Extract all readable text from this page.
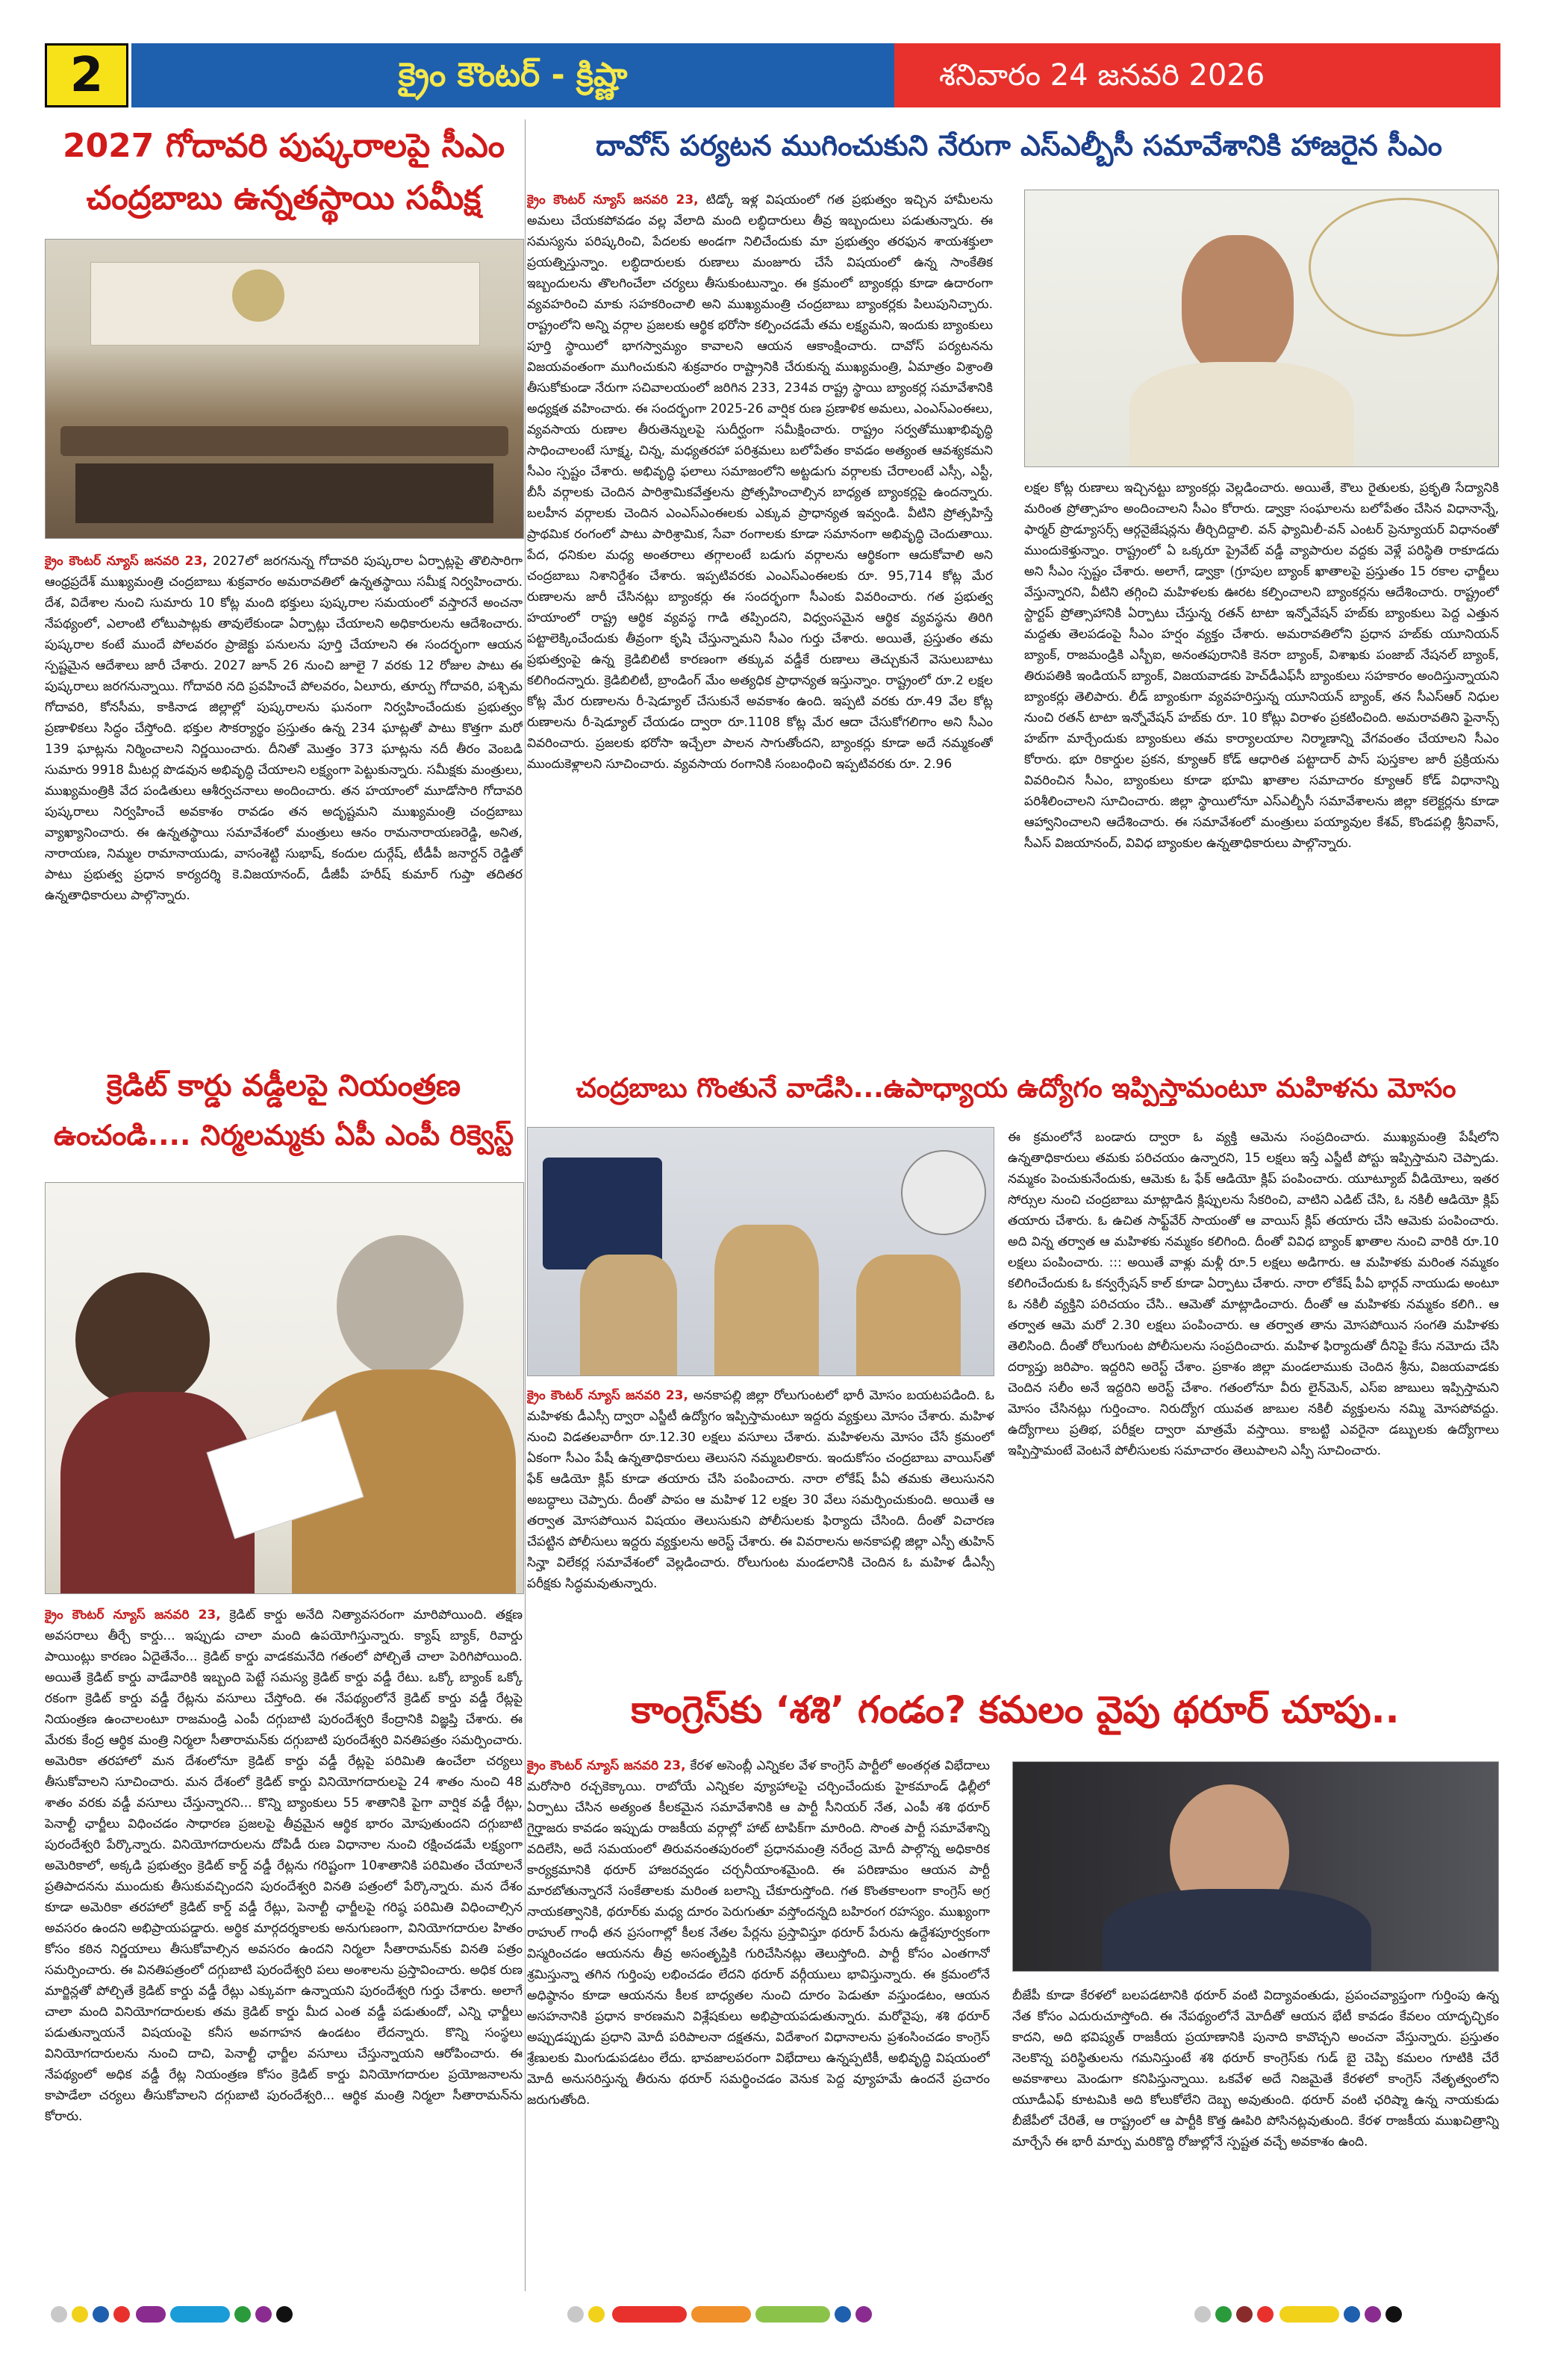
2	క్రైం కౌంటర్ - క్రిష్ణా	శనివారం 24 జనవరి 2026
2027 గోదావరి పుష్కరాలపై సీఎం
చంద్రబాబు ఉన్నతస్థాయి సమీక్ష
క్రైం కౌంటర్ న్యూస్ జనవరి 23, 2027లో జరగనున్న గోదావరి పుష్కరాల ఏర్పాట్లపై తొలిసారిగా ఆంధ్రప్రదేశ్ ముఖ్యమంత్రి చంద్రబాబు శుక్రవారం అమరావతిలో ఉన్నతస్థాయి సమీక్ష నిర్వహించారు. దేశ, విదేశాల నుంచి సుమారు 10 కోట్ల మంది భక్తులు పుష్కరాల సమయంలో వస్తారనే అంచనా నేపథ్యంలో, ఎలాంటి లోటుపాట్లకు తావులేకుండా ఏర్పాట్లు చేయాలని అధికారులను ఆదేశించారు. పుష్కరాల కంటే ముందే పోలవరం ప్రాజెక్టు పనులను పూర్తి చేయాలని ఈ సందర్భంగా ఆయన స్పష్టమైన ఆదేశాలు జారీ చేశారు. 2027 జూన్ 26 నుంచి జూలై 7 వరకు 12 రోజుల పాటు ఈ పుష్కరాలు జరగనున్నాయి. గోదావరి నది ప్రవహించే పోలవరం, ఏలూరు, తూర్పు గోదావరి, పశ్చిమ గోదావరి, కోనసీమ, కాకినాడ జిల్లాల్లో పుష్కరాలను ఘనంగా నిర్వహించేందుకు ప్రభుత్వం ప్రణాళికలు సిద్ధం చేస్తోంది. భక్తుల సౌకర్యార్థం ప్రస్తుతం ఉన్న 234 ఘాట్లతో పాటు కొత్తగా మరో 139 ఘాట్లను నిర్మించాలని నిర్ణయించారు. దీనితో మొత్తం 373 ఘాట్లను నదీ తీరం వెంబడి సుమారు 9918 మీటర్ల పొడవున అభివృద్ధి చేయాలని లక్ష్యంగా పెట్టుకున్నారు. సమీక్షకు మంత్రులు, ముఖ్యమంత్రికి వేద పండితులు ఆశీర్వచనాలు అందించారు. తన హయాంలో మూడోసారి గోదావరి పుష్కరాలు నిర్వహించే అవకాశం రావడం తన అదృష్టమని ముఖ్యమంత్రి చంద్రబాబు వ్యాఖ్యానించారు. ఈ ఉన్నతస్థాయి సమావేశంలో మంత్రులు ఆనం రామనారాయణరెడ్డి, అనిత, నారాయణ, నిమ్మల రామానాయుడు, వాసంశెట్టి సుభాష్, కందుల దుర్గేష్, టీడీపీ జనార్దన్ రెడ్డితో పాటు ప్రభుత్వ ప్రధాన కార్యదర్శి కె.విజయానంద్, డీజీపీ హరీష్ కుమార్ గుప్తా తదితర ఉన్నతాధికారులు పాల్గొన్నారు.
దావోస్ పర్యటన ముగించుకుని నేరుగా ఎస్ఎల్బీసీ సమావేశానికి హాజరైన సీఎం
క్రైం కౌంటర్ న్యూస్ జనవరి 23, టిడ్కో ఇళ్ల విషయంలో గత ప్రభుత్వం ఇచ్చిన హామీలను అమలు చేయకపోవడం వల్ల వేలాది మంది లబ్ధిదారులు తీవ్ర ఇబ్బందులు పడుతున్నారు. ఈ సమస్యను పరిష్కరించి, పేదలకు అండగా నిలిచేందుకు మా ప్రభుత్వం తరఫున శాయశక్తులా ప్రయత్నిస్తున్నాం. లబ్ధిదారులకు రుణాలు మంజూరు చేసే విషయంలో ఉన్న సాంకేతిక ఇబ్బందులను తొలగించేలా చర్యలు తీసుకుంటున్నాం. ఈ క్రమంలో బ్యాంకర్లు కూడా ఉదారంగా వ్యవహరించి మాకు సహకరించాలి అని ముఖ్యమంత్రి చంద్రబాబు బ్యాంకర్లకు పిలుపునిచ్చారు. రాష్ట్రంలోని అన్ని వర్గాల ప్రజలకు ఆర్థిక భరోసా కల్పించడమే తమ లక్ష్యమని, ఇందుకు బ్యాంకులు పూర్తి స్థాయిలో భాగస్వామ్యం కావాలని ఆయన ఆకాంక్షించారు. దావోస్ పర్యటనను విజయవంతంగా ముగించుకుని శుక్రవారం రాష్ట్రానికి చేరుకున్న ముఖ్యమంత్రి, ఏమాత్రం విశ్రాంతి తీసుకోకుండా నేరుగా సచివాలయంలో జరిగిన 233, 234వ రాష్ట్ర స్థాయి బ్యాంకర్ల సమావేశానికి అధ్యక్షత వహించారు. ఈ సందర్భంగా 2025-26 వార్షిక రుణ ప్రణాళిక అమలు, ఎంఎస్ఎంఈలు, వ్యవసాయ రుణాల తీరుతెన్నులపై సుదీర్ఘంగా సమీక్షించారు. రాష్ట్రం సర్వతోముఖాభివృద్ధి సాధించాలంటే సూక్ష్మ, చిన్న, మధ్యతరహా పరిశ్రమలు బలోపేతం కావడం అత్యంత ఆవశ్యకమని సీఎం స్పష్టం చేశారు. అభివృద్ధి ఫలాలు సమాజంలోని అట్టడుగు వర్గాలకు చేరాలంటే ఎస్సీ, ఎస్టీ, బీసీ వర్గాలకు చెందిన పారిశ్రామికవేత్తలను ప్రోత్సహించాల్సిన బాధ్యత బ్యాంకర్లపై ఉందన్నారు. బలహీన వర్గాలకు చెందిన ఎంఎస్ఎంఈలకు ఎక్కువ ప్రాధాన్యత ఇవ్వండి. వీటిని ప్రోత్సహిస్తే ప్రాథమిక రంగంలో పాటు పారిశ్రామిక, సేవా రంగాలకు కూడా సమానంగా అభివృద్ధి చెందుతాయి. పేద, ధనికుల మధ్య అంతరాలు తగ్గాలంటే బడుగు వర్గాలను ఆర్థికంగా ఆదుకోవాలి అని చంద్రబాబు నిశానిర్దేశం చేశారు. ఇప్పటివరకు ఎంఎస్ఎంఈలకు రూ. 95,714 కోట్ల మేర రుణాలను జారీ చేసినట్లు బ్యాంకర్లు ఈ సందర్భంగా సీఎంకు వివరించారు. గత ప్రభుత్వ హయాంలో రాష్ట్ర ఆర్థిక వ్యవస్థ గాడి తప్పిందని, విధ్వంసమైన ఆర్థిక వ్యవస్థను తిరిగి పట్టాలెక్కించేందుకు తీవ్రంగా కృషి చేస్తున్నామని సీఎం గుర్తు చేశారు. అయితే, ప్రస్తుతం తమ ప్రభుత్వంపై ఉన్న క్రెడిబిలిటీ కారణంగా తక్కువ వడ్డీకే రుణాలు తెచ్చుకునే వెసులుబాటు కలిగిందన్నారు. క్రెడిబిలిటీ, బ్రాండింగ్ మేం అత్యధిక ప్రాధాన్యత ఇస్తున్నాం. రాష్ట్రంలో రూ.2 లక్షల కోట్ల మేర రుణాలను రీ-షెడ్యూల్ చేసుకునే అవకాశం ఉంది. ఇప్పటి వరకు రూ.49 వేల కోట్ల రుణాలను రీ-షెడ్యూల్ చేయడం ద్వారా రూ.1108 కోట్ల మేర ఆదా చేసుకోగలిగాం అని సీఎం వివరించారు. ప్రజలకు భరోసా ఇచ్చేలా పాలన సాగుతోందని, బ్యాంకర్లు కూడా అదే నమ్మకంతో ముందుకెళ్లాలని సూచించారు. వ్యవసాయ రంగానికి సంబంధించి ఇప్పటివరకు రూ. 2.96
లక్షల కోట్ల రుణాలు ఇచ్చినట్టు బ్యాంకర్లు వెల్లడించారు. అయితే, కౌలు రైతులకు, ప్రకృతి సేద్యానికి మరింత ప్రోత్సాహం అందించాలని సీఎం కోరారు. డ్వాక్రా సంఘాలను బలోపేతం చేసిన విధానాన్నే, ఫార్మర్ ప్రొడ్యూసర్స్ ఆర్గనైజేషన్లను తీర్చిదిద్దాలి. వన్ ఫ్యామిలీ-వన్ ఎంటర్ ప్రెన్యూయర్ విధానంతో ముందుకెళ్తున్నాం. రాష్ట్రంలో ఏ ఒక్కరూ ప్రైవేట్ వడ్డీ వ్యాపారుల వద్దకు వెళ్లే పరిస్థితి రాకూడదు అని సీఎం స్పష్టం చేశారు. అలాగే, డ్వాక్రా (గ్రూపుల బ్యాంక్ ఖాతాలపై ప్రస్తుతం 15 రకాల ఛార్జీలు వేస్తున్నారని, వీటిని తగ్గించి మహిళలకు ఊరట కల్పించాలని బ్యాంకర్లను ఆదేశించారు. రాష్ట్రంలో స్టార్టప్ ప్రోత్సాహానికి ఏర్పాటు చేస్తున్న రతన్ టాటా ఇన్నోవేషన్ హబ్‌కు బ్యాంకులు పెద్ద ఎత్తున మద్దతు తెలపడంపై సీఎం హర్షం వ్యక్తం చేశారు. అమరావతిలోని ప్రధాన హబ్‌కు యూనియన్ బ్యాంక్, రాజమండ్రికి ఎస్బీఐ, అనంతపురానికి కెనరా బ్యాంక్, విశాఖకు పంజాబ్ నేషనల్ బ్యాంక్, తిరుపతికి ఇండియన్ బ్యాంక్, విజయవాడకు హెచ్‌డీఎఫ్‌సీ బ్యాంకులు సహకారం అందిస్తున్నాయని బ్యాంకర్లు తెలిపారు. లీడ్ బ్యాంకుగా వ్యవహరిస్తున్న యూనియన్ బ్యాంక్, తన సీఎస్ఆర్ నిధుల నుంచి రతన్ టాటా ఇన్నోవేషన్ హబ్‌కు రూ. 10 కోట్లు విరాళం ప్రకటించింది. అమరావతిని ఫైనాన్స్ హబ్‌గా మార్చేందుకు బ్యాంకులు తమ కార్యాలయాల నిర్మాణాన్ని వేగవంతం చేయాలని సీఎం కోరారు. భూ రికార్డుల ప్రకన, క్యూఆర్ కోడ్ ఆధారిత పట్టాదార్ పాస్ పుస్తకాల జారీ ప్రక్రియను వివరించిన సీఎం, బ్యాంకులు కూడా భూమి ఖాతాల సమాచారం క్యూఆర్ కోడ్ విధానాన్ని పరిశీలించాలని సూచించారు. జిల్లా స్థాయిలోనూ ఎస్ఎల్బీసీ సమావేశాలను జిల్లా కలెక్టర్లను కూడా ఆహ్వానించాలని ఆదేశించారు. ఈ సమావేశంలో మంత్రులు పయ్యావుల కేశవ్, కొండపల్లి శ్రీనివాస్, సీఎస్ విజయానంద్, వివిధ బ్యాంకుల ఉన్నతాధికారులు పాల్గొన్నారు.
క్రెడిట్ కార్డు వడ్డీలపై నియంత్రణ
ఉంచండి.... నిర్మలమ్మకు ఏపీ ఎంపీ రిక్వెస్ట్
క్రైం కౌంటర్ న్యూస్ జనవరి 23, క్రెడిట్ కార్డు అనేది నిత్యావసరంగా మారిపోయింది. తక్షణ అవసరాలు తీర్చే కార్డు... ఇప్పుడు చాలా మంది ఉపయోగిస్తున్నారు. క్యాష్ బ్యాక్, రివార్డు పాయింట్లు కారణం ఏదైతేనేం... క్రెడిట్ కార్డు వాడకమనేది గతంలో పోల్చితే చాలా పెరిగిపోయింది. అయితే క్రెడిట్ కార్డు వాడేవారికి ఇబ్బంది పెట్టే సమస్య క్రెడిట్ కార్డు వడ్డీ రేటు. ఒక్కో బ్యాంక్ ఒక్కో రకంగా క్రెడిట్ కార్డు వడ్డీ రేట్లను వసూలు చేస్తోంది. ఈ నేపథ్యంలోనే క్రెడిట్ కార్డు వడ్డీ రేట్లపై నియంత్రణ ఉంచాలంటూ రాజమండ్రి ఎంపీ దగ్గుబాటి పురందేశ్వరి కేంద్రానికి విజ్ఞప్తి చేశారు. ఈ మేరకు కేంద్ర ఆర్థిక మంత్రి నిర్మలా సీతారామన్‌కు దగ్గుబాటి పురందేశ్వరి వినతిపత్రం సమర్పించారు. అమెరికా తరహాలో మన దేశంలోనూ క్రెడిట్ కార్డు వడ్డీ రేట్లపై పరిమితి ఉంచేలా చర్యలు తీసుకోవాలని సూచించారు. మన దేశంలో క్రెడిట్ కార్డు వినియోగదారులపై 24 శాతం నుంచి 48 శాతం వరకు వడ్డీ వసూలు చేస్తున్నారని... కొన్ని బ్యాంకులు 55 శాతానికి పైగా వార్షిక వడ్డీ రేట్లు, పెనాల్టీ ఛార్జీలు విధించడం సాధారణ ప్రజలపై తీవ్రమైన ఆర్థిక భారం మోపుతుందని దగ్గుబాటి పురందేశ్వరి పేర్కొన్నారు. వినియోగదారులను దోపిడీ రుణ విధానాల నుంచి రక్షించడమే లక్ష్యంగా అమెరికాలో, అక్కడి ప్రభుత్వం క్రెడిట్ కార్డ్ వడ్డీ రేట్లను గరిష్టంగా 10శాతానికి పరిమితం చేయాలనే ప్రతిపాదనను ముందుకు తీసుకువచ్చిందని పురందేశ్వరి వినతి పత్రంలో పేర్కొన్నారు. మన దేశం కూడా అమెరికా తరహాలో క్రెడిట్ కార్డ్ వడ్డీ రేట్లు, పెనాల్టీ ఛార్జీలపై గరిష్ఠ పరిమితి విధించాల్సిన అవసరం ఉందని అభిప్రాయపడ్డారు. అర్థిక మార్గదర్శకాలకు అనుగుణంగా, వినియోగదారుల హితం కోసం కఠిన నిర్ణయాలు తీసుకోవాల్సిన అవసరం ఉందని నిర్మలా సీతారామన్‌కు వినతి పత్రం సమర్పించారు. ఈ వినతిపత్రంలో దగ్గుబాటి పురందేశ్వరి పలు అంశాలను ప్రస్తావించారు. అధిక రుణ మార్జిన్లతో పోల్చితే క్రెడిట్ కార్డు వడ్డీ రేట్లు ఎక్కువగా ఉన్నాయని పురందేశ్వరి గుర్తు చేశారు. అలాగే చాలా మంది వినియోగదారులకు తమ క్రెడిట్ కార్డు మీద ఎంత వడ్డీ పడుతుందో, ఎన్ని ఛార్జీలు పడుతున్నాయనే విషయంపై కనీస అవగాహన ఉండటం లేదన్నారు. కొన్ని సంస్థలు వినియోగదారులను నుంచి దాచి, పెనాల్టీ ఛార్జీల వసూలు చేస్తున్నాయని ఆరోపించారు. ఈ నేపథ్యంలో అధిక వడ్డీ రేట్ల నియంత్రణ కోసం క్రెడిట్ కార్డు వినియోగదారుల ప్రయోజనాలను కాపాడేలా చర్యలు తీసుకోవాలని దగ్గుబాటి పురందేశ్వరి... ఆర్థిక మంత్రి నిర్మలా సీతారామన్‌ను కోరారు.
చంద్రబాబు గొంతునే వాడేసి...ఉపాధ్యాయ ఉద్యోగం ఇప్పిస్తామంటూ మహిళను మోసం
క్రైం కౌంటర్ న్యూస్ జనవరి 23, అనకాపల్లి జిల్లా రోలుగుంటలో భారీ మోసం బయటపడింది. ఓ మహిళకు డీఎస్సీ ద్వారా ఎస్జీటీ ఉద్యోగం ఇప్పిస్తామంటూ ఇద్దరు వ్యక్తులు మోసం చేశారు. మహిళ నుంచి విడతలవారీగా రూ.12.30 లక్షలు వసూలు చేశారు. మహిళలను మోసం చేసే క్రమంలో ఏకంగా సీఎం పేషీ ఉన్నతాధికారులు తెలుసని నమ్మబలికారు. ఇందుకోసం చంద్రబాబు వాయిస్‌తో ఫేక్ ఆడియో క్లిప్ కూడా తయారు చేసి పంపించారు. నారా లోకేష్ పీఏ తమకు తెలుసునని అబద్ధాలు చెప్పారు. దీంతో పాపం ఆ మహిళ 12 లక్షల 30 వేలు సమర్పించుకుంది. అయితే ఆ తర్వాత మోసపోయిన విషయం తెలుసుకుని పోలీసులకు ఫిర్యాదు చేసింది. దీంతో విచారణ చేపట్టిన పోలీసులు ఇద్దరు వ్యక్తులను అరెస్ట్ చేశారు. ఈ వివరాలను అనకాపల్లి జిల్లా ఎస్పీ తుహిన్ సిన్హా విలేకర్ల సమావేశంలో వెల్లడించారు. రోలుగుంట మండలానికి చెందిన ఓ మహిళ డీఎస్సీ పరీక్షకు సిద్ధమవుతున్నారు.
ఈ క్రమంలోనే బండారు ద్వారా ఓ వ్యక్తి ఆమెను సంప్రదించారు. ముఖ్యమంత్రి పేషీలోని ఉన్నతాధికారులు తమకు పరిచయం ఉన్నారని, 15 లక్షలు ఇస్తే ఎస్జీటీ పోస్టు ఇప్పిస్తామని చెప్పాడు. నమ్మకం పెంచుకునేందుకు, ఆమెకు ఓ ఫేక్ ఆడియో క్లిప్ పంపించారు. యూట్యూబ్ వీడియోలు, ఇతర సోర్సుల నుంచి చంద్రబాబు మాట్లాడిన క్లిప్పులను సేకరించి, వాటిని ఎడిట్ చేసి, ఓ నకిలీ ఆడియో క్లిప్ తయారు చేశారు. ఓ ఉచిత సాఫ్ట్‌వేర్ సాయంతో ఆ వాయిస్ క్లిప్ తయారు చేసి ఆమెకు పంపించారు. అది విన్న తర్వాత ఆ మహిళకు నమ్మకం కలిగింది. దీంతో వివిధ బ్యాంక్ ఖాతాల నుంచి వారికి రూ.10 లక్షలు పంపించారు. ::: అయితే వాళ్లు మళ్లీ రూ.5 లక్షలు అడిగారు. ఆ మహిళకు మరింత నమ్మకం కలిగించేందుకు ఓ కన్వర్సేషన్ కాల్ కూడా ఏర్పాటు చేశారు. నారా లోకేష్ పీఏ భార్గవ్ నాయుడు అంటూ ఓ నకిలీ వ్యక్తిని పరిచయం చేసి.. ఆమెతో మాట్లాడించారు. దీంతో ఆ మహిళకు నమ్మకం కలిగి.. ఆ తర్వాత ఆమె మరో 2.30 లక్షలు పంపించారు. ఆ తర్వాత తాను మోసపోయిన సంగతి మహిళకు తెలిసింది. దీంతో రోలుగుంట పోలీసులను సంప్రదించారు. మహిళ ఫిర్యాదుతో దీనిపై కేసు నమోదు చేసి దర్యాప్తు జరిపాం. ఇద్దరిని అరెస్ట్ చేశాం. ప్రకాశం జిల్లా మండలాముకు చెందిన శ్రీను, విజయవాడకు చెందిన సలీం అనే ఇద్దరిని అరెస్ట్ చేశాం. గతంలోనూ వీరు లైన్‌మెన్, ఎస్ఐ జాబులు ఇప్పిస్తామని మోసం చేసినట్లు గుర్తించాం. నిరుద్యోగ యువత జాబుల నకిలీ వ్యక్తులను నమ్మి మోసపోవద్దు. ఉద్యోగాలు ప్రతిభ, పరీక్షల ద్వారా మాత్రమే వస్తాయి. కాబట్టి ఎవరైనా డబ్బులకు ఉద్యోగాలు ఇప్పిస్తామంటే వెంటనే పోలీసులకు సమాచారం తెలుపాలని ఎస్పీ సూచించారు.
కాంగ్రెస్‌కు ‘శశి’ గండం? కమలం వైపు థరూర్ చూపు..
క్రైం కౌంటర్ న్యూస్ జనవరి 23, కేరళ అసెంబ్లీ ఎన్నికల వేళ కాంగ్రెస్ పార్టీలో అంతర్గత విభేదాలు మరోసారి రచ్చకెక్కాయి. రాబోయే ఎన్నికల వ్యూహాలపై చర్చించేందుకు హైకమాండ్ ఢిల్లీలో ఏర్పాటు చేసిన అత్యంత కీలకమైన సమావేశానికి ఆ పార్టీ సీనియర్ నేత, ఎంపీ శశి థరూర్ గైర్హాజరు కావడం ఇప్పుడు రాజకీయ వర్గాల్లో హాట్ టాపిక్‌గా మారింది. సొంత పార్టీ సమావేశాన్ని వదిలేసి, అదే సమయంలో తిరువనంతపురంలో ప్రధానమంత్రి నరేంద్ర మోదీ పాల్గొన్న అధికారిక కార్యక్రమానికి థరూర్ హాజరవ్వడం చర్చనీయాంశమైంది. ఈ పరిణామం ఆయన పార్టీ మారబోతున్నారనే సంకేతాలకు మరింత బలాన్ని చేకూరుస్తోంది. గత కొంతకాలంగా కాంగ్రెస్ అగ్ర నాయకత్వానికి, థరూర్‌కు మధ్య దూరం పెరుగుతూ వస్తోందన్నది బహిరంగ రహస్యం. ముఖ్యంగా రాహుల్ గాంధీ తన ప్రసంగాల్లో కీలక నేతల పేర్లను ప్రస్తావిస్తూ థరూర్ పేరును ఉద్దేశపూర్వకంగా విస్మరించడం ఆయనను తీవ్ర అసంతృప్తికి గురిచేసినట్లు తెలుస్తోంది. పార్టీ కోసం ఎంతగానో శ్రమిస్తున్నా తగిన గుర్తింపు లభించడం లేదని థరూర్ వర్గీయులు భావిస్తున్నారు. ఈ క్రమంలోనే అధిష్ఠానం కూడా ఆయనను కీలక బాధ్యతల నుంచి దూరం పెడుతూ వస్తుండటం, ఆయన అసహనానికి ప్రధాన కారణమని విశ్లేషకులు అభిప్రాయపడుతున్నారు. మరోవైపు, శశి థరూర్ అప్పుడప్పుడు ప్రధాని మోదీ పరిపాలనా దక్షతను, విదేశాంగ విధానాలను ప్రశంసించడం కాంగ్రెస్ శ్రేణులకు మింగుడుపడటం లేదు. భావజాలపరంగా విభేదాలు ఉన్నప్పటికీ, అభివృద్ధి విషయంలో మోదీ అనుసరిస్తున్న తీరును థరూర్ సమర్థించడం వెనుక పెద్ద వ్యూహమే ఉందనే ప్రచారం జరుగుతోంది.
బీజేపీ కూడా కేరళలో బలపడటానికి థరూర్ వంటి విద్యావంతుడు, ప్రపంచవ్యాప్తంగా గుర్తింపు ఉన్న నేత కోసం ఎదురుచూస్తోంది. ఈ నేపథ్యంలోనే మోదీతో ఆయన భేటీ కావడం కేవలం యాదృచ్ఛికం కాదని, అది భవిష్యత్ రాజకీయ ప్రయాణానికి పునాది కావొచ్చని అంచనా వేస్తున్నారు. ప్రస్తుతం నెలకొన్న పరిస్థితులను గమనిస్తుంటే శశి థరూర్ కాంగ్రెస్‌కు గుడ్ బై చెప్పి కమలం గూటికి చేరే అవకాశాలు మెండుగా కనిపిస్తున్నాయి. ఒకవేళ అదే నిజమైతే కేరళలో కాంగ్రెస్ నేతృత్వంలోని యూడీఎఫ్ కూటమికి అది కోలుకోలేని దెబ్బ అవుతుంది. థరూర్ వంటి ఛరిష్మా ఉన్న నాయకుడు బీజేపీలో చేరితే, ఆ రాష్ట్రంలో ఆ పార్టీకి కొత్త ఊపిరి పోసినట్లవుతుంది. కేరళ రాజకీయ ముఖచిత్రాన్ని మార్చేసే ఈ భారీ మార్పు మరికొద్ది రోజుల్లోనే స్పష్టత వచ్చే అవకాశం ఉంది.
